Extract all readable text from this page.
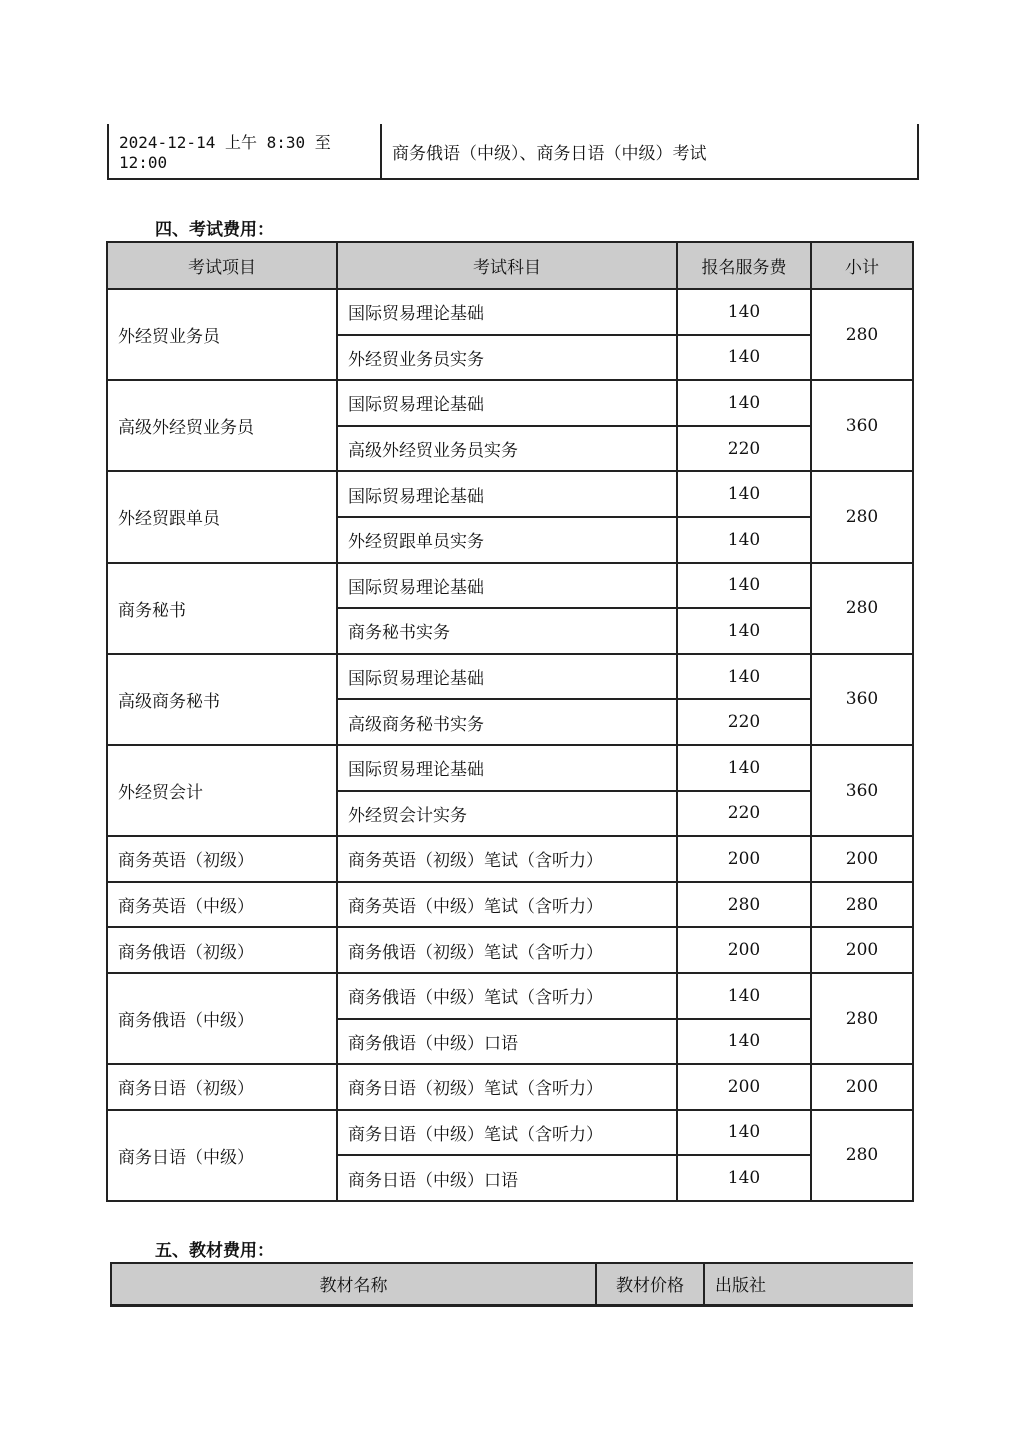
2024-12-14 上午 8:30 至 12:00	商务俄语（中级）、商务日语（中级）考试
四、考试费用：
考试项目	考试科目	报名服务费	小计
外经贸业务员	国际贸易理论基础	140	280
	外经贸业务员实务	140	
高级外经贸业务员	国际贸易理论基础	140	360
	高级外经贸业务员实务	220	
外经贸跟单员	国际贸易理论基础	140	280
	外经贸跟单员实务	140	
商务秘书	国际贸易理论基础	140	280
	商务秘书实务	140	
高级商务秘书	国际贸易理论基础	140	360
	高级商务秘书实务	220	
外经贸会计	国际贸易理论基础	140	360
	外经贸会计实务	220	
商务英语（初级）	商务英语（初级）笔试（含听力）	200	200
商务英语（中级）	商务英语（中级）笔试（含听力）	280	280
商务俄语（初级）	商务俄语（初级）笔试（含听力）	200	200
商务俄语（中级）	商务俄语（中级）笔试（含听力）	140	280
	商务俄语（中级）口语	140	
商务日语（初级）	商务日语（初级）笔试（含听力）	200	200
商务日语（中级）	商务日语（中级）笔试（含听力）	140	280
	商务日语（中级）口语	140	
五、教材费用：
教材名称	教材价格	出版社
